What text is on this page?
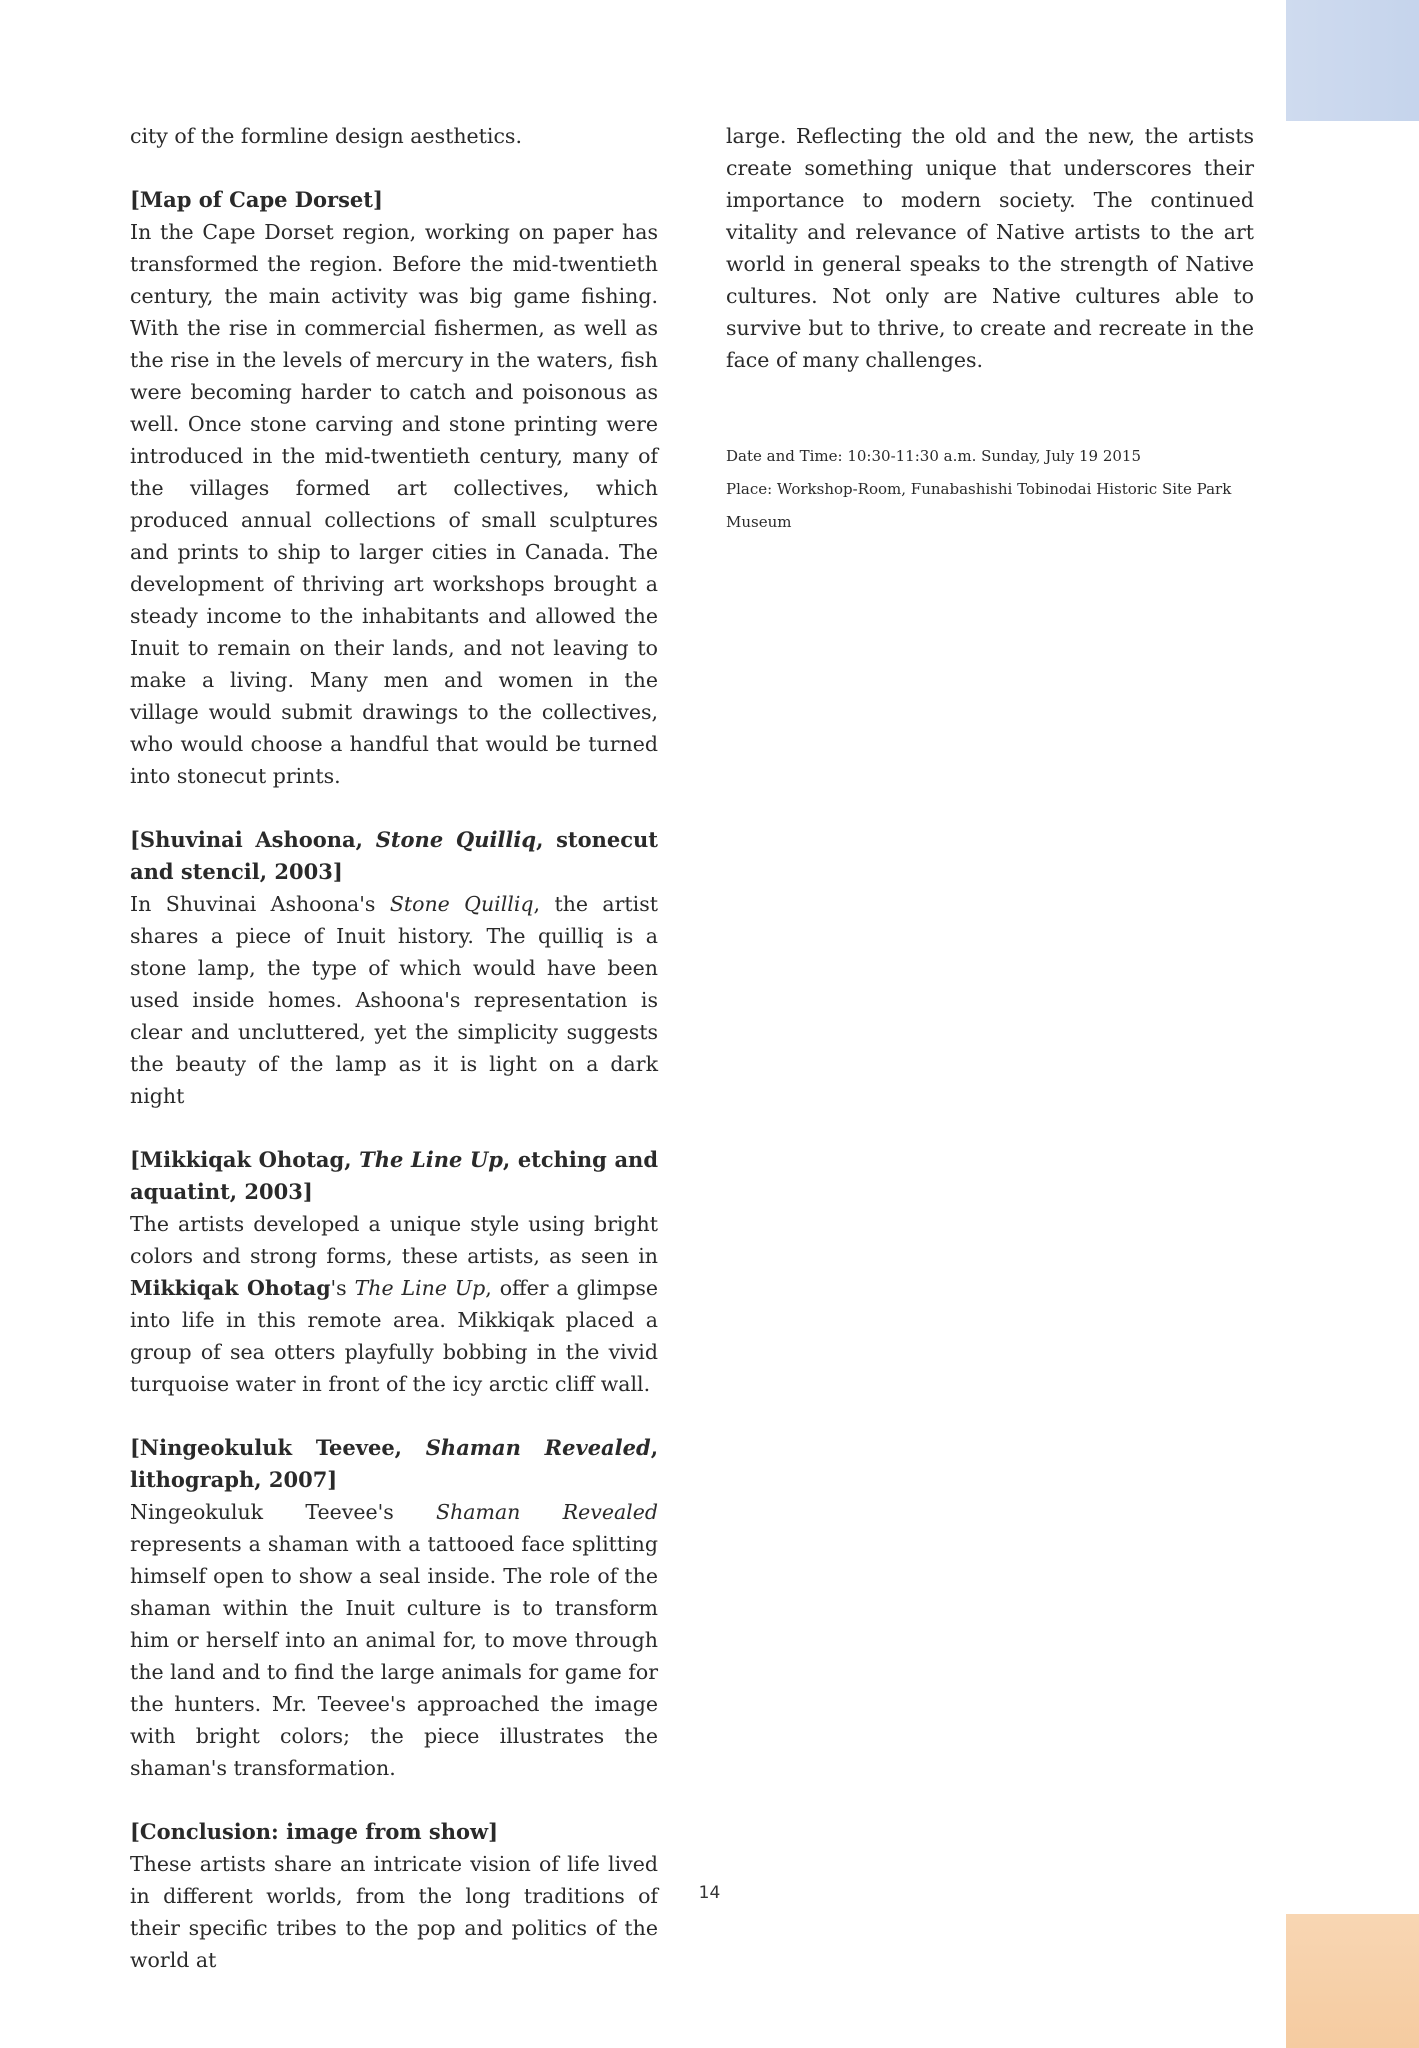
city of the formline design aesthetics.

[Map of Cape Dorset]

In the Cape Dorset region, working on paper has transformed the region. Before the mid-twentieth century, the main activity was big game fishing. With the rise in commercial fishermen, as well as the rise in the levels of mercury in the waters, fish were becoming harder to catch and poisonous as well. Once stone carving and stone printing were introduced in the mid-twentieth century, many of the villages formed art collectives, which produced annual collections of small sculptures and prints to ship to larger cities in Canada. The development of thriving art workshops brought a steady income to the inhabitants and allowed the Inuit to remain on their lands, and not leaving to make a living. Many men and women in the village would submit drawings to the collectives, who would choose a handful that would be turned into stonecut prints.

[Shuvinai Ashoona, Stone Quilliq, stonecut and stencil, 2003]

In Shuvinai Ashoona's Stone Quilliq, the artist shares a piece of Inuit history. The quilliq is a stone lamp, the type of which would have been used inside homes. Ashoona's representation is clear and uncluttered, yet the simplicity suggests the beauty of the lamp as it is light on a dark night

[Mikkiqak Ohotag, The Line Up, etching and aquatint, 2003]

The artists developed a unique style using bright colors and strong forms, these artists, as seen in Mikkiqak Ohotag's The Line Up, offer a glimpse into life in this remote area. Mikkiqak placed a group of sea otters playfully bobbing in the vivid turquoise water in front of the icy arctic cliff wall.

[Ningeokuluk Teevee, Shaman Revealed, lithograph, 2007]

Ningeokuluk Teevee's Shaman Revealed represents a shaman with a tattooed face splitting himself open to show a seal inside. The role of the shaman within the Inuit culture is to transform him or herself into an animal for, to move through the land and to find the large animals for game for the hunters. Mr. Teevee's approached the image with bright colors; the piece illustrates the shaman's transformation.

[Conclusion: image from show]

These artists share an intricate vision of life lived in different worlds, from the long traditions of their specific tribes to the pop and politics of the world at

large. Reflecting the old and the new, the artists create something unique that underscores their importance to modern society. The continued vitality and relevance of Native artists to the art world in general speaks to the strength of Native cultures. Not only are Native cultures able to survive but to thrive, to create and recreate in the face of many challenges.

Date and Time: 10:30-11:30 a.m. Sunday, July 19 2015

Place: Workshop-Room, Funabashishi Tobinodai Historic Site Park Museum

14
